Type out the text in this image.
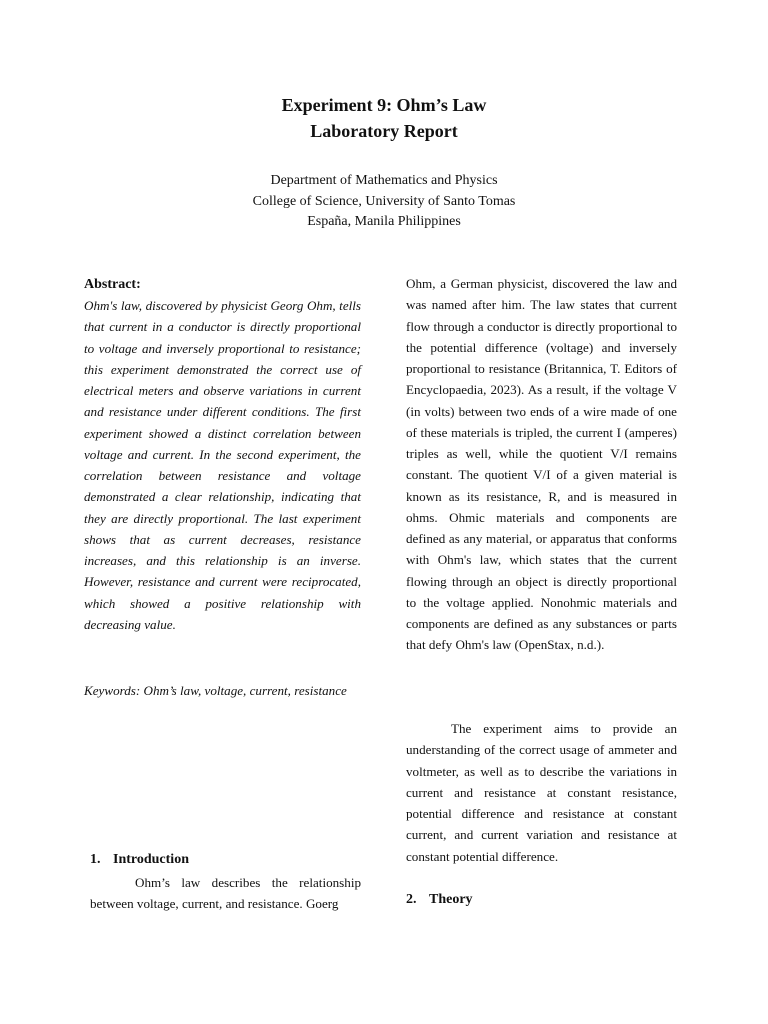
Experiment 9: Ohm’s Law
Laboratory Report
Department of Mathematics and Physics
College of Science, University of Santo Tomas
España, Manila Philippines
Abstract:
Ohm's law, discovered by physicist Georg Ohm, tells that current in a conductor is directly proportional to voltage and inversely proportional to resistance; this experiment demonstrated the correct use of electrical meters and observe variations in current and resistance under different conditions. The first experiment showed a distinct correlation between voltage and current. In the second experiment, the correlation between resistance and voltage demonstrated a clear relationship, indicating that they are directly proportional. The last experiment shows that as current decreases, resistance increases, and this relationship is an inverse. However, resistance and current were reciprocated, which showed a positive relationship with decreasing value.
Keywords: Ohm’s law, voltage, current, resistance
1. Introduction
Ohm’s law describes the relationship between voltage, current, and resistance. Goerg
Ohm, a German physicist, discovered the law and was named after him. The law states that current flow through a conductor is directly proportional to the potential difference (voltage) and inversely proportional to resistance (Britannica, T. Editors of Encyclopaedia, 2023). As a result, if the voltage V (in volts) between two ends of a wire made of one of these materials is tripled, the current I (amperes) triples as well, while the quotient V/I remains constant. The quotient V/I of a given material is known as its resistance, R, and is measured in ohms. Ohmic materials and components are defined as any material, or apparatus that conforms with Ohm's law, which states that the current flowing through an object is directly proportional to the voltage applied. Nonohmic materials and components are defined as any substances or parts that defy Ohm's law (OpenStax, n.d.).
The experiment aims to provide an understanding of the correct usage of ammeter and voltmeter, as well as to describe the variations in current and resistance at constant resistance, potential difference and resistance at constant current, and current variation and resistance at constant potential difference.
2. Theory
